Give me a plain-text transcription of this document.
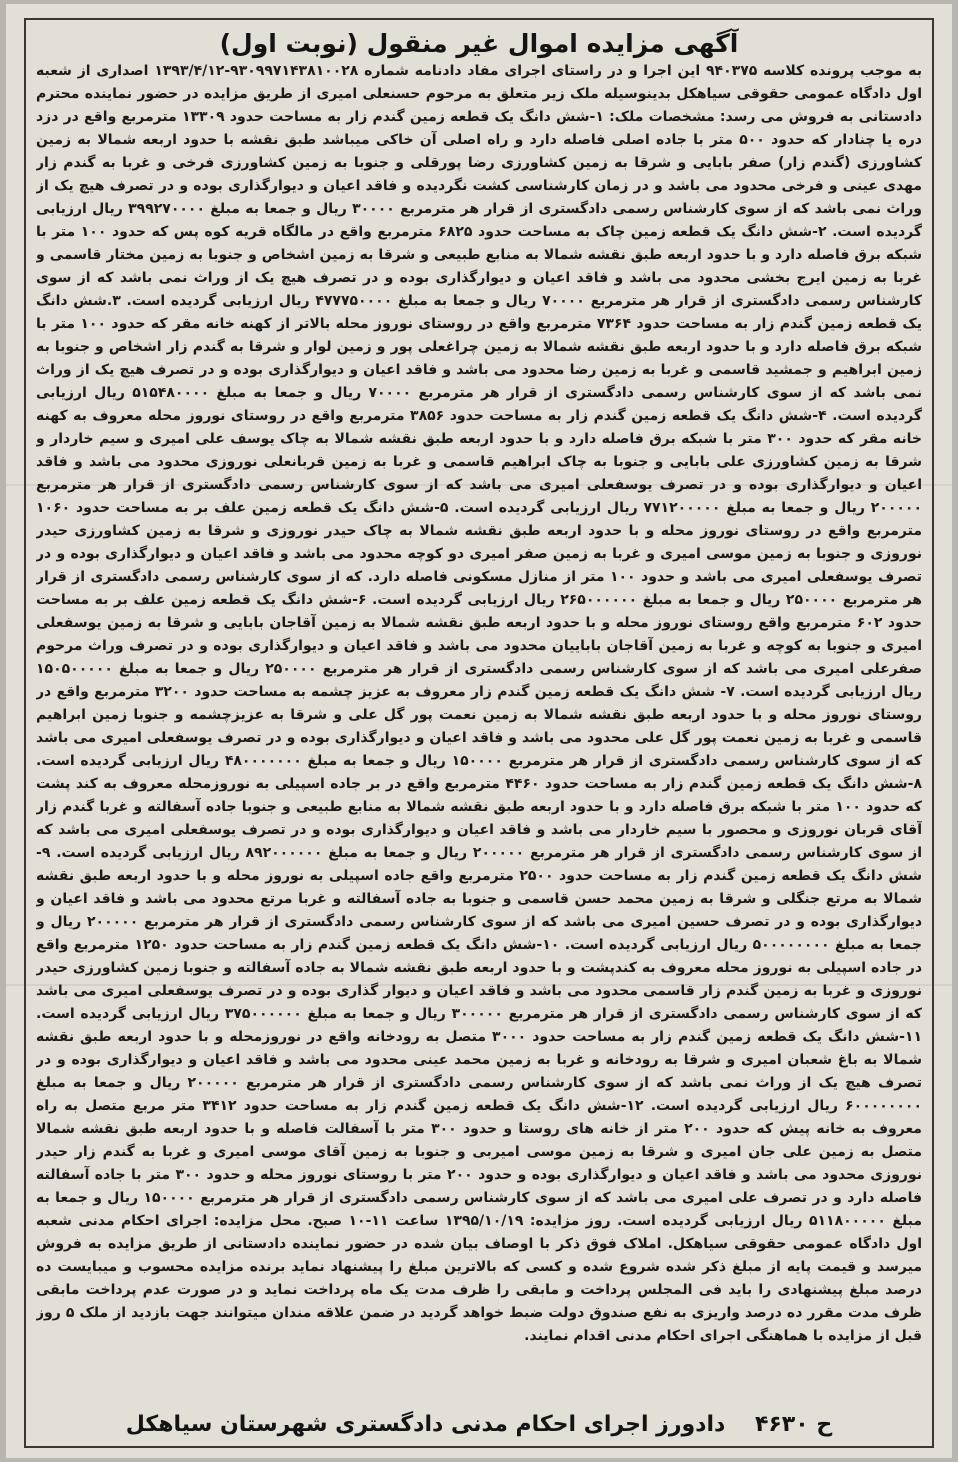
آگهی مزایده اموال غیر منقول (نوبت اول)

به موجب پرونده کلاسه ۹۴۰۳۷۵ این اجرا و در راستای اجرای مفاد دادنامه شماره ۹۳۰۹۹۷۱۴۳۸۱۰۰۲۸-۱۳۹۳/۴/۱۲ اصداری از شعبه اول دادگاه عمومی حقوقی سیاهکل بدینوسیله ملک زیر متعلق به مرحوم حسنعلی امیری از طریق مزایده در حضور نماینده محترم دادستانی به فروش می رسد: مشخصات ملک: ۱-شش دانگ یک قطعه زمین گندم زار به مساحت حدود ۱۳۳۰۹ مترمربع واقع در دزد دره یا چنادار که حدود ۵۰۰ متر با جاده اصلی فاصله دارد و راه اصلی آن خاکی میباشد طبق نقشه با حدود اربعه شمالا به زمین کشاورزی (گندم زار) صفر بابایی و شرقا به زمین کشاورزی رضا پورقلی و جنوبا به زمین کشاورزی فرخی و غربا به گندم زار مهدی عینی و فرخی محدود می باشد و در زمان کارشناسی کشت نگردیده و فاقد اعیان و دیوارگذاری بوده و در تصرف هیچ یک از وراث نمی باشد که از سوی کارشناس رسمی دادگستری از قرار هر مترمربع ۳۰۰۰۰ ریال و جمعا به مبلغ ۳۹۹۲۷۰۰۰۰ ریال ارزیابی گردیده است. ۲-شش دانگ یک قطعه زمین چاک به مساحت حدود ۶۸۲۵ مترمربع واقع در مالگاه قریه کوه پس که حدود ۱۰۰ متر با شبکه برق فاصله دارد و با حدود اربعه طبق نقشه شمالا به منابع طبیعی و شرقا به زمین اشخاص و جنوبا به زمین مختار قاسمی و غربا به زمین ایرج بخشی محدود می باشد و فاقد اعیان و دیوارگذاری بوده و در تصرف هیچ یک از وراث نمی باشد که از سوی کارشناس رسمی دادگستری از قرار هر مترمربع ۷۰۰۰۰ ریال و جمعا به مبلغ ۴۷۷۷۵۰۰۰۰ ریال ارزیابی گردیده است. ۳.شش دانگ یک قطعه زمین گندم زار به مساحت حدود ۷۳۶۴ مترمربع واقع در روستای نوروز محله بالاتر از کهنه خانه مقر که حدود ۱۰۰ متر با شبکه برق فاصله دارد و با حدود اربعه طبق نقشه شمالا به زمین چراغعلی پور و زمین لوار و شرقا به گندم زار اشخاص و جنوبا به زمین ابراهیم و جمشید قاسمی و غربا به زمین رضا محدود می باشد و فاقد اعیان و دیوارگذاری بوده و در تصرف هیچ یک از وراث نمی باشد که از سوی کارشناس رسمی دادگستری از قرار هر مترمربع ۷۰۰۰۰ ریال و جمعا به مبلغ ۵۱۵۴۸۰۰۰۰ ریال ارزیابی گردیده است. ۴-شش دانگ یک قطعه زمین گندم زار به مساحت حدود ۳۸۵۶ مترمربع واقع در روستای نوروز محله معروف به کهنه خانه مقر که حدود ۳۰۰ متر با شبکه برق فاصله دارد و با حدود اربعه طبق نقشه شمالا به چاک یوسف علی امیری و سیم خاردار و شرقا به زمین کشاورزی علی بابایی و جنوبا به چاک ابراهیم قاسمی و غربا به زمین قربانعلی نوروزی محدود می باشد و فاقد اعیان و دیوارگذاری بوده و در تصرف یوسفعلی امیری می باشد که از سوی کارشناس رسمی دادگستری از قرار هر مترمربع ۲۰۰۰۰۰ ریال و جمعا به مبلغ ۷۷۱۲۰۰۰۰۰ ریال ارزیابی گردیده است. ۵-شش دانگ یک قطعه زمین علف بر به مساحت حدود ۱۰۶۰ مترمربع واقع در روستای نوروز محله و با حدود اربعه طبق نقشه شمالا به چاک حیدر نوروزی و شرقا به زمین کشاورزی حیدر نوروزی و جنوبا به زمین موسی امیری و غربا به زمین صفر امیری دو کوچه محدود می باشد و فاقد اعیان و دیوارگذاری بوده و در تصرف یوسفعلی امیری می باشد و حدود ۱۰۰ متر از منازل مسکونی فاصله دارد. که از سوی کارشناس رسمی دادگستری از قرار هر مترمربع ۲۵۰۰۰۰ ریال و جمعا به مبلغ ۲۶۵۰۰۰۰۰۰ ریال ارزیابی گردیده است. ۶-شش دانگ یک قطعه زمین علف بر به مساحت حدود ۶۰۲ مترمربع واقع روستای نوروز محله و با حدود اربعه طبق نقشه شمالا به زمین آقاجان بابایی و شرقا به زمین یوسفعلی امیری و جنوبا به کوچه و غربا به زمین آقاجان باباییان محدود می باشد و فاقد اعیان و دیوارگذاری بوده و در تصرف وراث مرحوم صفرعلی امیری می باشد که از سوی کارشناس رسمی دادگستری از قرار هر مترمربع ۲۵۰۰۰۰ ریال و جمعا به مبلغ ۱۵۰۵۰۰۰۰۰ ریال ارزیابی گردیده است. ۷- شش دانگ یک قطعه زمین گندم زار معروف به عزیز چشمه به مساحت حدود ۳۲۰۰ مترمربع واقع در روستای نوروز محله و با حدود اربعه طبق نقشه شمالا به زمین نعمت پور گل علی و شرقا به عزیزچشمه و جنوبا زمین ابراهیم قاسمی و غربا به زمین نعمت پور گل علی محدود می باشد و فاقد اعیان و دیوارگذاری بوده و در تصرف یوسفعلی امیری می باشد که از سوی کارشناس رسمی دادگستری از قرار هر مترمربع ۱۵۰۰۰۰ ریال و جمعا به مبلغ ۴۸۰۰۰۰۰۰۰ ریال ارزیابی گردیده است. ۸-شش دانگ یک قطعه زمین گندم زار به مساحت حدود ۴۴۶۰ مترمربع واقع در بر جاده اسپیلی به نوروزمحله معروف به کند پشت که حدود ۱۰۰ متر با شبکه برق فاصله دارد و با حدود اربعه طبق نقشه شمالا به منابع طبیعی و جنوبا جاده آسفالته و غربا گندم زار آقای قربان نوروزی و محصور با سیم خاردار می باشد و فاقد اعیان و دیوارگذاری بوده و در تصرف یوسفعلی امیری می باشد که از سوی کارشناس رسمی دادگستری از قرار هر مترمربع ۲۰۰۰۰۰ ریال و جمعا به مبلغ ۸۹۲۰۰۰۰۰۰ ریال ارزیابی گردیده است. ۹-شش دانگ یک قطعه زمین گندم زار به مساحت حدود ۲۵۰۰ مترمربع واقع جاده اسپیلی به نوروز محله و با حدود اربعه طبق نقشه شمالا به مرتع جنگلی و شرقا به زمین محمد حسن قاسمی و جنوبا به جاده آسفالته و غربا مرتع محدود می باشد و فاقد اعیان و دیوارگذاری بوده و در تصرف حسین امیری می باشد که از سوی کارشناس رسمی دادگستری از قرار هر مترمربع ۲۰۰۰۰۰ ریال و جمعا به مبلغ ۵۰۰۰۰۰۰۰۰ ریال ارزیابی گردیده است. ۱۰-شش دانگ یک قطعه زمین گندم زار به مساحت حدود ۱۲۵۰ مترمربع واقع در جاده اسپیلی به نوروز محله معروف به کندپشت و با حدود اربعه طبق نقشه شمالا به جاده آسفالته و جنوبا زمین کشاورزی حیدر نوروزی و غربا به زمین گندم زار قاسمی محدود می باشد و فاقد اعیان و دیوار گذاری بوده و در تصرف یوسفعلی امیری می باشد که از سوی کارشناس رسمی دادگستری از قرار هر مترمربع ۳۰۰۰۰۰ ریال و جمعا به مبلغ ۳۷۵۰۰۰۰۰۰ ریال ارزیابی گردیده است. ۱۱-شش دانگ یک قطعه زمین گندم زار به مساحت حدود ۳۰۰۰ متصل به رودخانه واقع در نوروزمحله و با حدود اربعه طبق نقشه شمالا به باغ شعبان امیری و شرقا به رودخانه و غربا به زمین محمد عینی محدود می باشد و فاقد اعیان و دیوارگذاری بوده و در تصرف هیچ یک از وراث نمی باشد که از سوی کارشناس رسمی دادگستری از قرار هر مترمربع ۲۰۰۰۰۰ ریال و جمعا به مبلغ ۶۰۰۰۰۰۰۰۰ ریال ارزیابی گردیده است. ۱۲-شش دانگ یک قطعه زمین گندم زار به مساحت حدود ۳۴۱۲ متر مربع متصل به راه معروف به خانه پیش که حدود ۲۰۰ متر از خانه های روستا و حدود ۳۰۰ متر با آسفالت فاصله و با حدود اربعه طبق نقشه شمالا متصل به زمین علی جان امیری و شرقا به زمین موسی امیربی و جنوبا به زمین آقای موسی امیری و غربا به گندم زار حیدر نوروزی محدود می باشد و فاقد اعیان و دیوارگذاری بوده و حدود ۲۰۰ متر با روستای نوروز محله و حدود ۳۰۰ متر با جاده آسفالته فاصله دارد و در تصرف علی امیری می باشد که از سوی کارشناس رسمی دادگستری از قرار هر مترمربع ۱۵۰۰۰۰ ریال و جمعا به مبلغ ۵۱۱۸۰۰۰۰۰ ریال ارزیابی گردیده است. روز مزایده: ۱۳۹۵/۱۰/۱۹ ساعت ۱۱-۱۰ صبح. محل مزایده: اجرای احکام مدنی شعبه اول دادگاه عمومی حقوقی سیاهکل. املاک فوق ذکر با اوصاف بیان شده در حضور نماینده دادستانی از طریق مزایده به فروش میرسد و قیمت پایه از مبلغ ذکر شده شروع شده و کسی که بالاترین مبلغ را پیشنهاد نماید برنده مزایده محسوب و میبایست ده درصد مبلغ پیشنهادی را باید فی المجلس پرداخت و مابقی را ظرف مدت یک ماه پرداخت نماید و در صورت عدم پرداخت مابقی ظرف مدت مقرر ده درصد واریزی به نفع صندوق دولت ضبط خواهد گردید در ضمن علاقه مندان میتوانند جهت بازدید از ملک ۵ روز قبل از مزایده با هماهنگی اجرای احکام مدنی اقدام نمایند.

ح ۴۶۳۰ دادورز اجرای احکام مدنی دادگستری شهرستان سیاهکل
